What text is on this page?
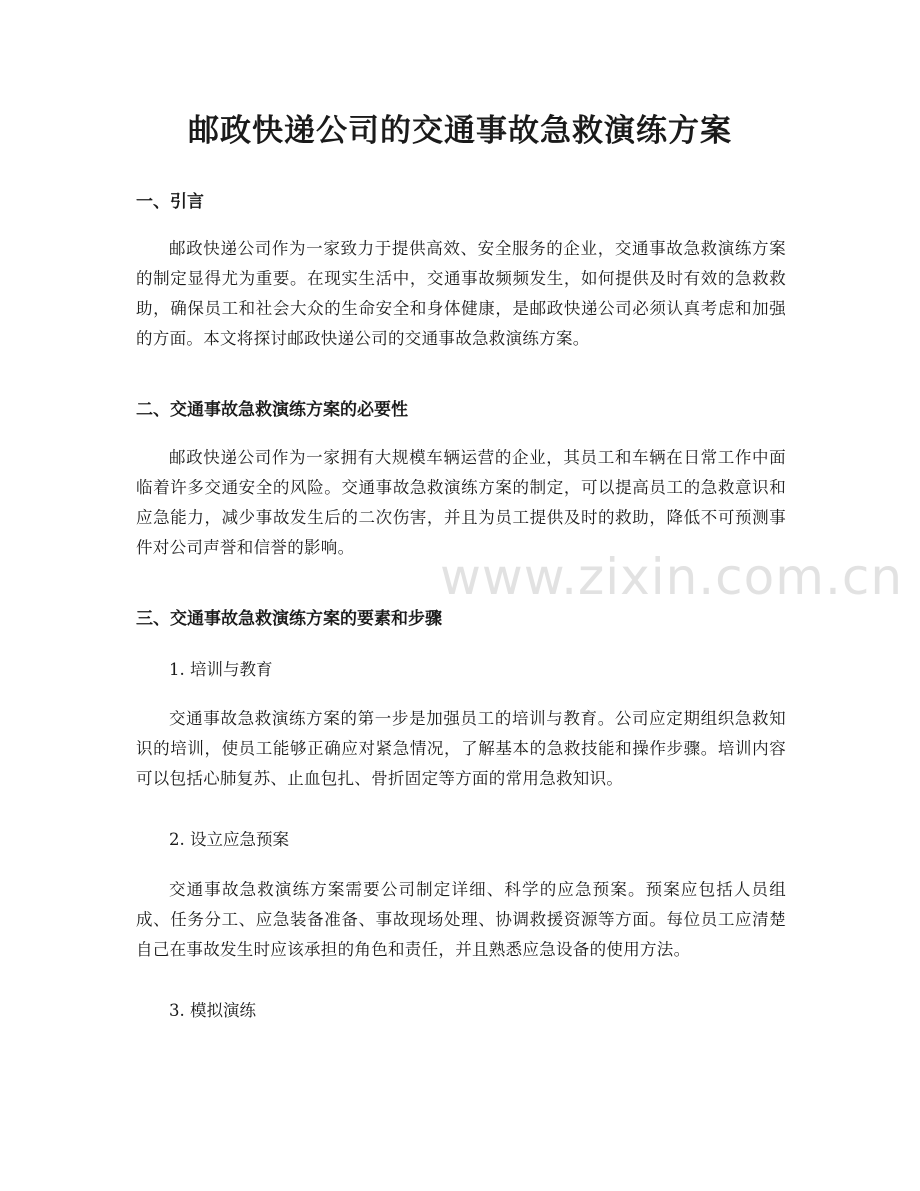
邮政快递公司的交通事故急救演练方案
一、引言

邮政快递公司作为一家致力于提供高效、安全服务的企业，交通事故急救演练方案的制定显得尤为重要。在现实生活中，交通事故频频发生，如何提供及时有效的急救救助，确保员工和社会大众的生命安全和身体健康，是邮政快递公司必须认真考虑和加强的方面。本文将探讨邮政快递公司的交通事故急救演练方案。

二、交通事故急救演练方案的必要性

邮政快递公司作为一家拥有大规模车辆运营的企业，其员工和车辆在日常工作中面临着许多交通安全的风险。交通事故急救演练方案的制定，可以提高员工的急救意识和应急能力，减少事故发生后的二次伤害，并且为员工提供及时的救助，降低不可预测事件对公司声誉和信誉的影响。

三、交通事故急救演练方案的要素和步骤

1. 培训与教育

交通事故急救演练方案的第一步是加强员工的培训与教育。公司应定期组织急救知识的培训，使员工能够正确应对紧急情况，了解基本的急救技能和操作步骤。培训内容可以包括心肺复苏、止血包扎、骨折固定等方面的常用急救知识。

2. 设立应急预案

交通事故急救演练方案需要公司制定详细、科学的应急预案。预案应包括人员组成、任务分工、应急装备准备、事故现场处理、协调救援资源等方面。每位员工应清楚自己在事故发生时应该承担的角色和责任，并且熟悉应急设备的使用方法。

3. 模拟演练

www.zixin.com.cn
